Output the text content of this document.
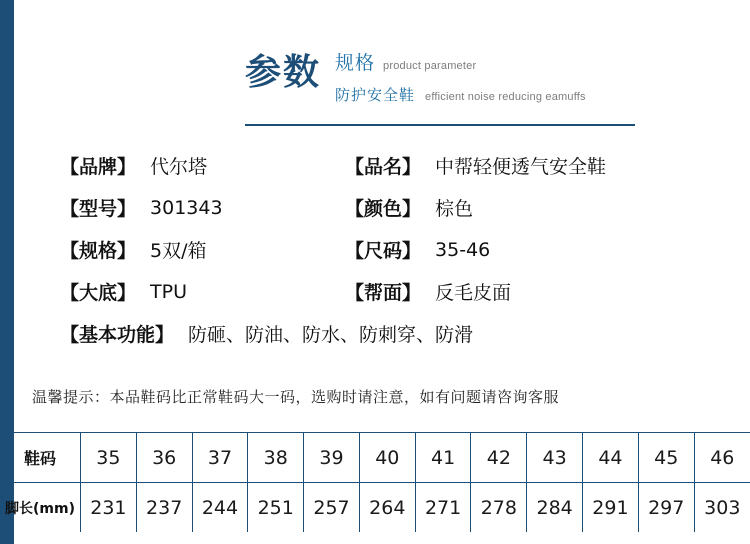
参数 规格 product parameter
防护安全鞋 efficient noise reducing eamuffs
【品牌】 代尔塔	【品名】 中帮轻便透气安全鞋
【型号】 301343	【颜色】 棕色
【规格】 5双/箱	【尺码】 35-46
【大底】 TPU	【帮面】 反毛皮面
【基本功能】 防砸、防油、防水、防刺穿、防滑
温馨提示：本品鞋码比正常鞋码大一码，选购时请注意，如有问题请咨询客服
鞋码	35	36	37	38	39	40	41	42	43	44	45	46
脚长(mm)	231	237	244	251	257	264	271	278	284	291	297	303
